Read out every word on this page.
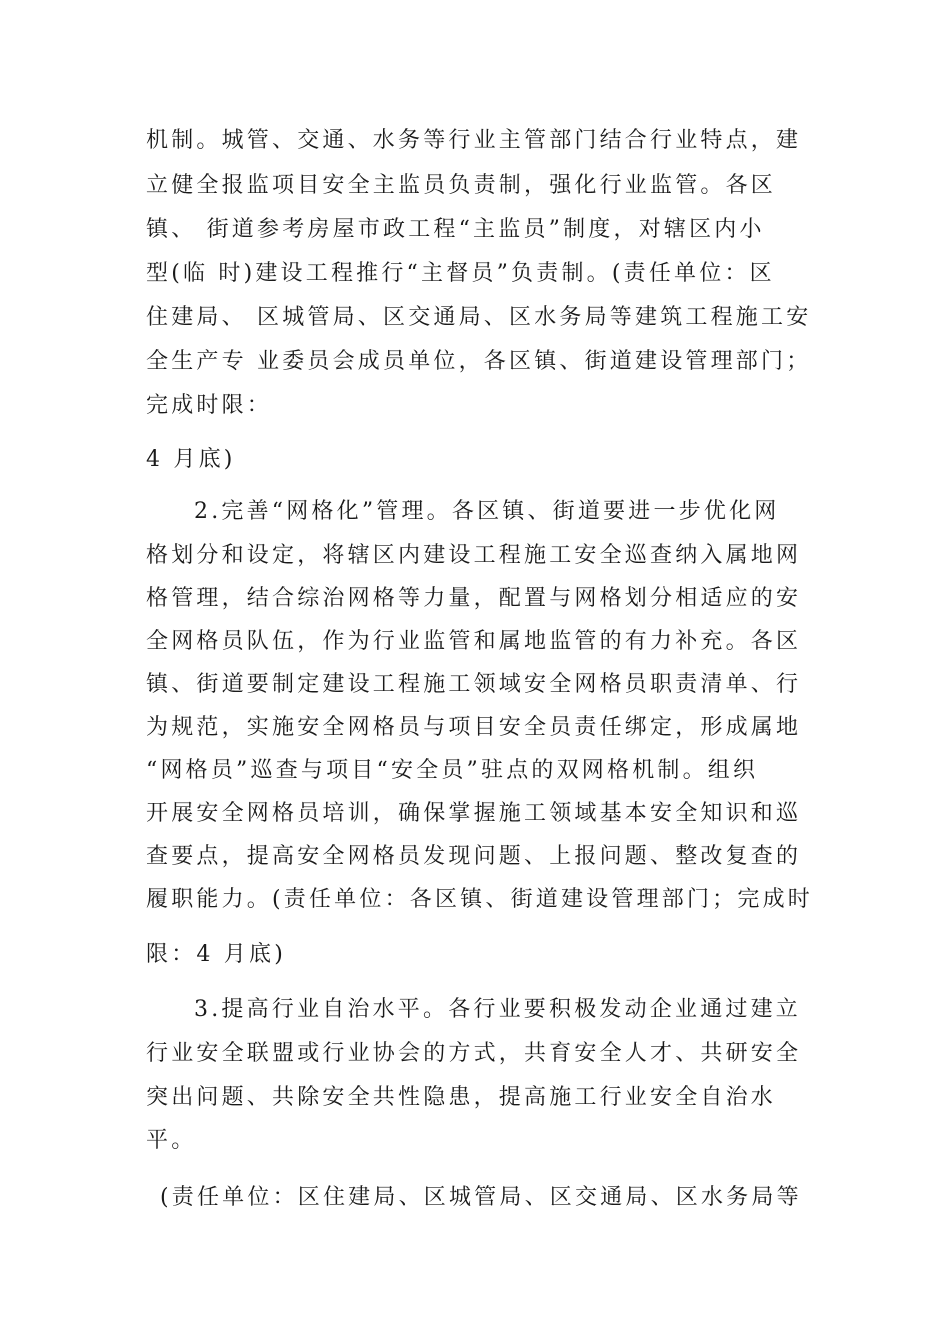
机制。城管、交通、水务等行业主管部门结合行业特点，建
立健全报监项目安全主监员负责制，强化行业监管。各区
镇、 街道参考房屋市政工程“主监员”制度，对辖区内小
型(临 时)建设工程推行“主督员”负责制。(责任单位：区
住建局、 区城管局、区交通局、区水务局等建筑工程施工安
全生产专 业委员会成员单位，各区镇、街道建设管理部门；
完成时限：
4 月底)
2.完善“网格化”管理。各区镇、街道要进一步优化网
格划分和设定，将辖区内建设工程施工安全巡查纳入属地网
格管理，结合综治网格等力量，配置与网格划分相适应的安
全网格员队伍，作为行业监管和属地监管的有力补充。各区
镇、街道要制定建设工程施工领域安全网格员职责清单、行
为规范，实施安全网格员与项目安全员责任绑定，形成属地
“网格员”巡查与项目“安全员”驻点的双网格机制。组织
开展安全网格员培训，确保掌握施工领域基本安全知识和巡
查要点，提高安全网格员发现问题、上报问题、整改复查的
履职能力。(责任单位：各区镇、街道建设管理部门；完成时
限：4 月底)
3.提高行业自治水平。各行业要积极发动企业通过建立
行业安全联盟或行业协会的方式，共育安全人才、共研安全
突出问题、共除安全共性隐患，提高施工行业安全自治水
平。
(责任单位：区住建局、区城管局、区交通局、区水务局等
